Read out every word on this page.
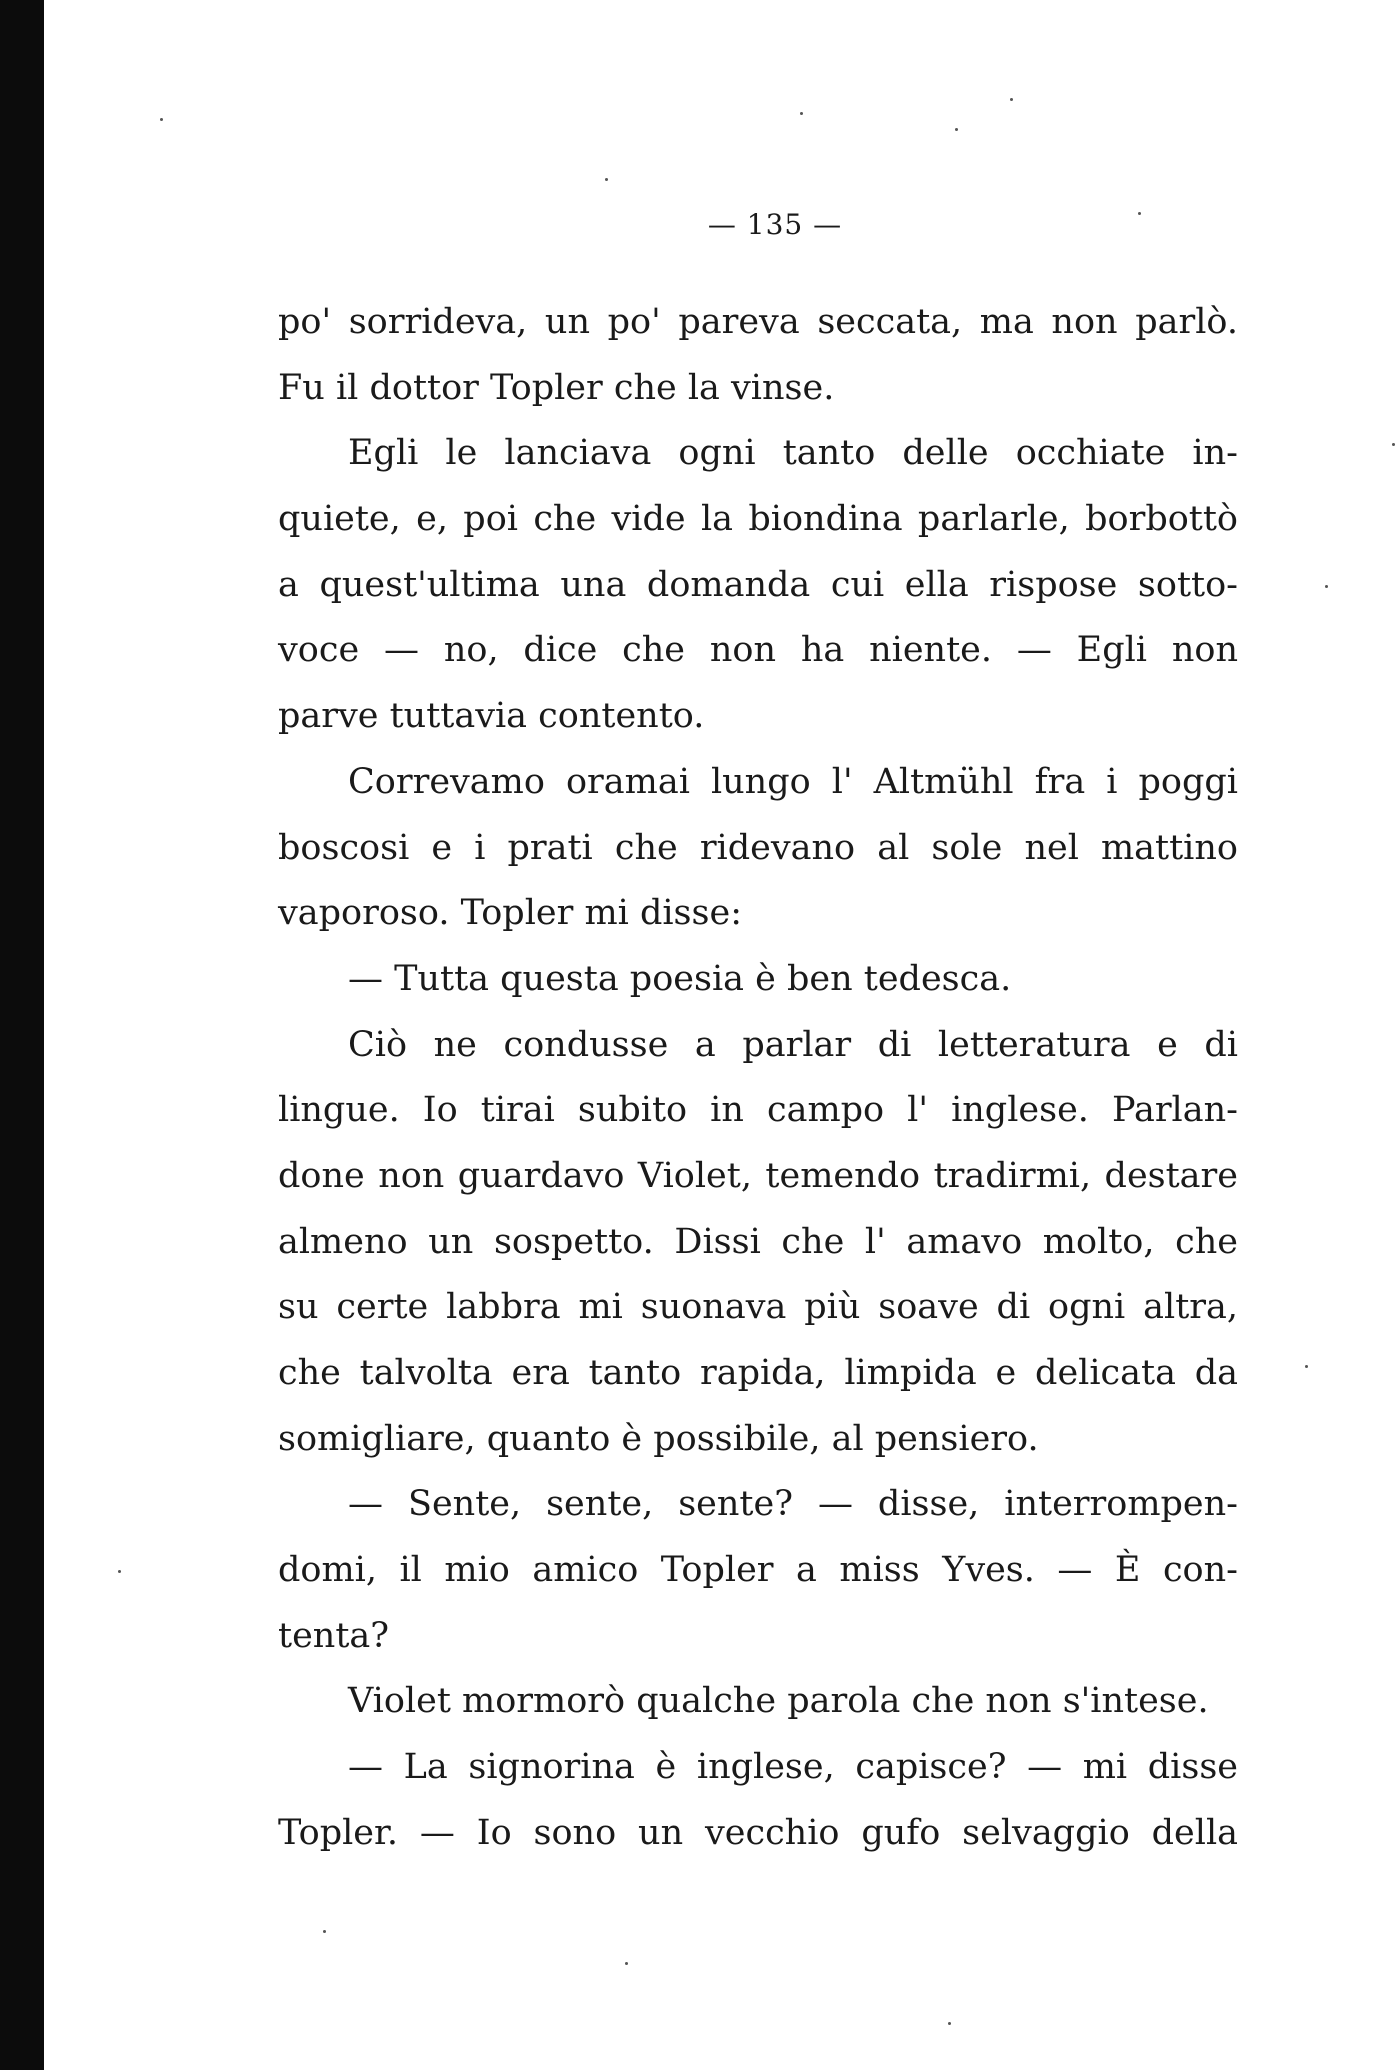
— 135 —
po' sorrideva, un po' pareva seccata, ma non parlò.
Fu il dottor Topler che la vinse.
Egli le lanciava ogni tanto delle occhiate in-
quiete, e, poi che vide la biondina parlarle, borbottò
a quest'ultima una domanda cui ella rispose sotto-
voce — no, dice che non ha niente. — Egli non
parve tuttavia contento.
Correvamo oramai lungo l' Altmühl fra i poggi
boscosi e i prati che ridevano al sole nel mattino
vaporoso. Topler mi disse:
— Tutta questa poesia è ben tedesca.
Ciò ne condusse a parlar di letteratura e di
lingue. Io tirai subito in campo l' inglese. Parlan-
done non guardavo Violet, temendo tradirmi, destare
almeno un sospetto. Dissi che l' amavo molto, che
su certe labbra mi suonava più soave di ogni altra,
che talvolta era tanto rapida, limpida e delicata da
somigliare, quanto è possibile, al pensiero.
— Sente, sente, sente? — disse, interrompen-
domi, il mio amico Topler a miss Yves. — È con-
tenta?
Violet mormorò qualche parola che non s'intese.
— La signorina è inglese, capisce? — mi disse
Topler. — Io sono un vecchio gufo selvaggio della
